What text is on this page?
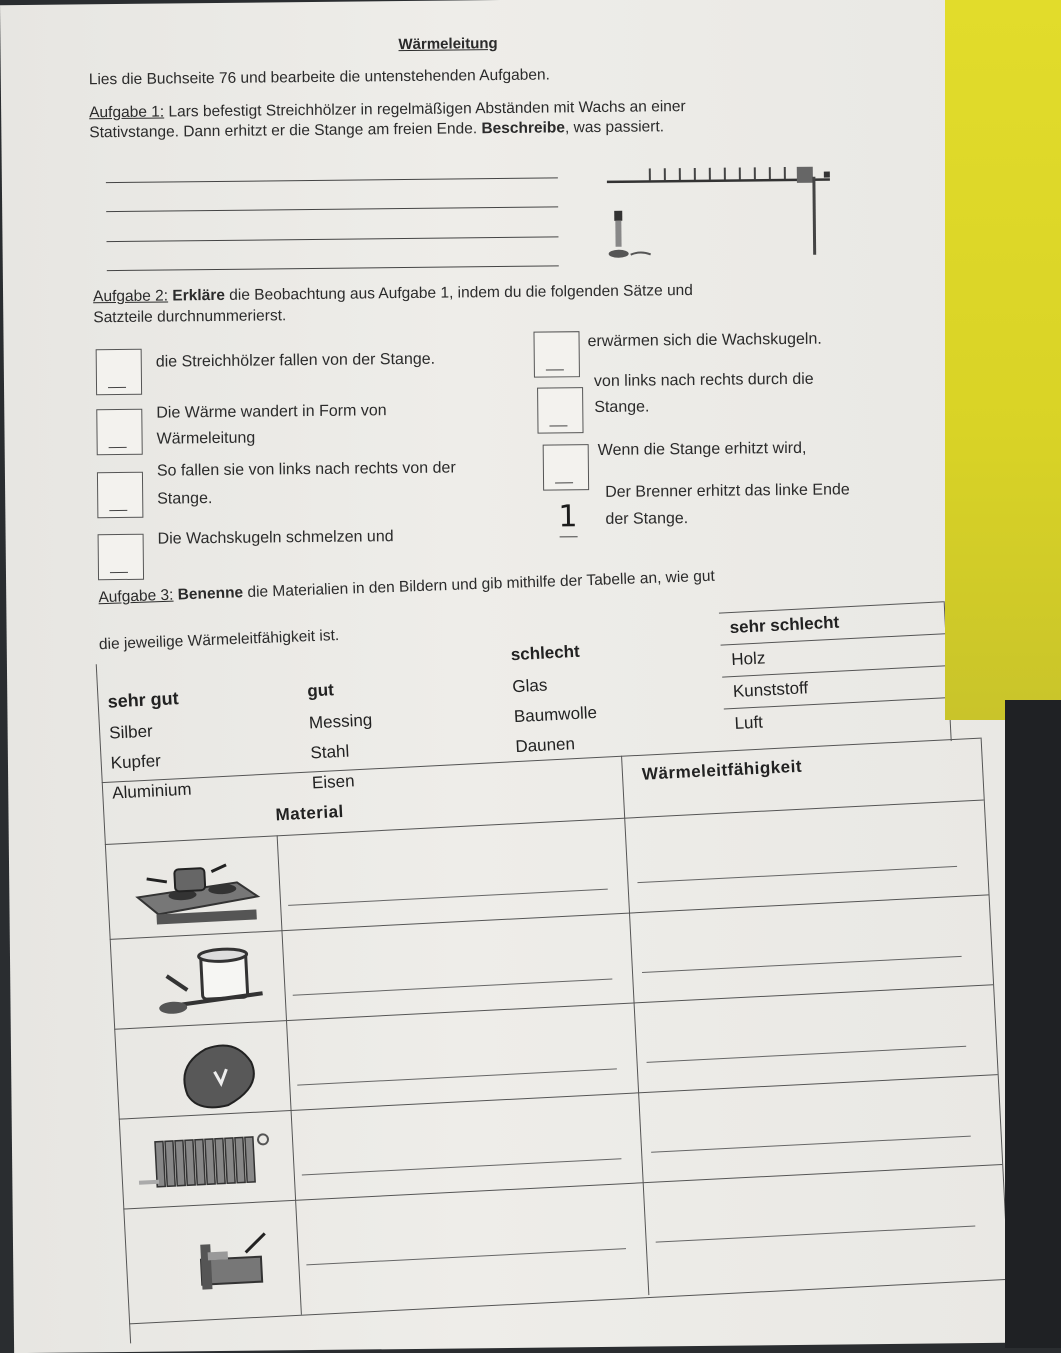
Wärmeleitung
Lies die Buchseite 76 und bearbeite die untenstehenden Aufgaben.
Aufgabe 1: Lars befestigt Streichhölzer in regelmäßigen Abständen mit Wachs an einer
Stativstange. Dann erhitzt er die Stange am freien Ende. Beschreibe, was passiert.
Aufgabe 2: Erkläre die Beobachtung aus Aufgabe 1, indem du die folgenden Sätze und
Satzteile durchnummerierst.
die Streichhölzer fallen von der Stange.
Die Wärme wandert in Form von
Wärmeleitung
So fallen sie von links nach rechts von der
Stange.
Die Wachskugeln schmelzen und
erwärmen sich die Wachskugeln.
von links nach rechts durch die
Stange.
Wenn die Stange erhitzt wird,
1
Der Brenner erhitzt das linke Ende
der Stange.
Aufgabe 3: Benenne die Materialien in den Bildern und gib mithilfe der Tabelle an, wie gut
die jeweilige Wärmeleitfähigkeit ist.
sehr gut
Silber
Kupfer
Aluminium
gut
Messing
Stahl
Eisen
schlecht
Glas
Baumwolle
Daunen
sehr schlecht
Holz
Kunststoff
Luft
Material
Wärmeleitfähigkeit
